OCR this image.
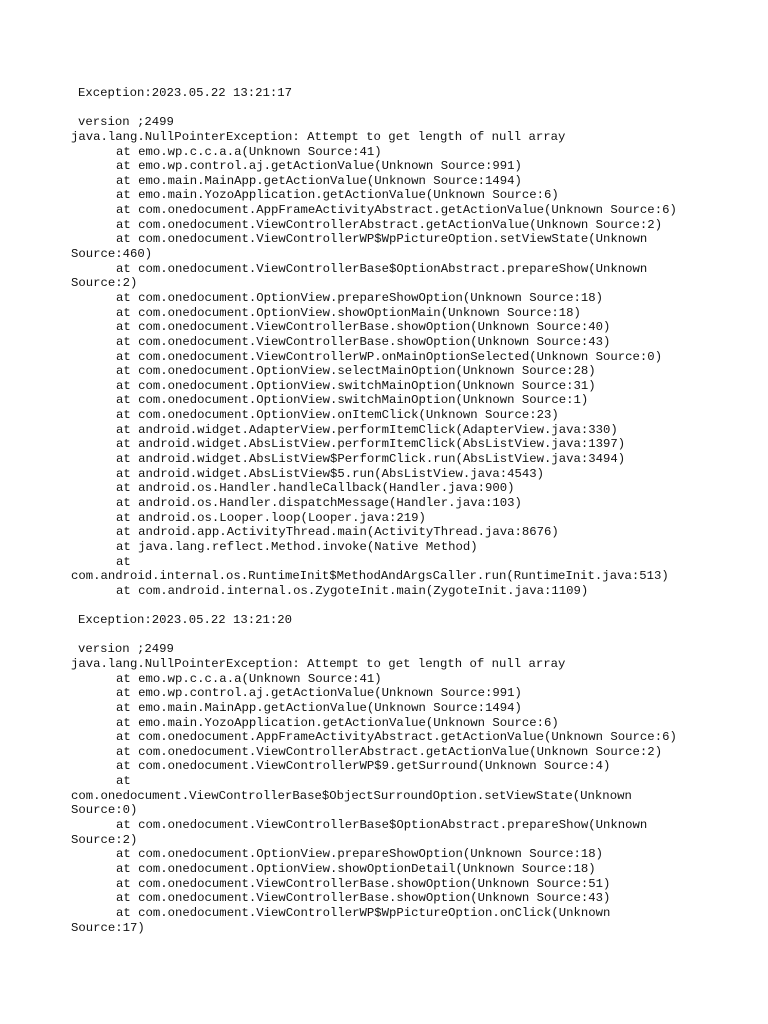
Exception:2023.05.22 13:21:17
version ;2499
java.lang.NullPointerException: Attempt to get length of null array
at emo.wp.c.c.a.a(Unknown Source:41)
at emo.wp.control.aj.getActionValue(Unknown Source:991)
at emo.main.MainApp.getActionValue(Unknown Source:1494)
at emo.main.YozoApplication.getActionValue(Unknown Source:6)
at com.onedocument.AppFrameActivityAbstract.getActionValue(Unknown Source:6)
at com.onedocument.ViewControllerAbstract.getActionValue(Unknown Source:2)
at com.onedocument.ViewControllerWP$WpPictureOption.setViewState(Unknown
Source:460)
at com.onedocument.ViewControllerBase$OptionAbstract.prepareShow(Unknown
Source:2)
at com.onedocument.OptionView.prepareShowOption(Unknown Source:18)
at com.onedocument.OptionView.showOptionMain(Unknown Source:18)
at com.onedocument.ViewControllerBase.showOption(Unknown Source:40)
at com.onedocument.ViewControllerBase.showOption(Unknown Source:43)
at com.onedocument.ViewControllerWP.onMainOptionSelected(Unknown Source:0)
at com.onedocument.OptionView.selectMainOption(Unknown Source:28)
at com.onedocument.OptionView.switchMainOption(Unknown Source:31)
at com.onedocument.OptionView.switchMainOption(Unknown Source:1)
at com.onedocument.OptionView.onItemClick(Unknown Source:23)
at android.widget.AdapterView.performItemClick(AdapterView.java:330)
at android.widget.AbsListView.performItemClick(AbsListView.java:1397)
at android.widget.AbsListView$PerformClick.run(AbsListView.java:3494)
at android.widget.AbsListView$5.run(AbsListView.java:4543)
at android.os.Handler.handleCallback(Handler.java:900)
at android.os.Handler.dispatchMessage(Handler.java:103)
at android.os.Looper.loop(Looper.java:219)
at android.app.ActivityThread.main(ActivityThread.java:8676)
at java.lang.reflect.Method.invoke(Native Method)
at
com.android.internal.os.RuntimeInit$MethodAndArgsCaller.run(RuntimeInit.java:513)
at com.android.internal.os.ZygoteInit.main(ZygoteInit.java:1109)
Exception:2023.05.22 13:21:20
version ;2499
java.lang.NullPointerException: Attempt to get length of null array
at emo.wp.c.c.a.a(Unknown Source:41)
at emo.wp.control.aj.getActionValue(Unknown Source:991)
at emo.main.MainApp.getActionValue(Unknown Source:1494)
at emo.main.YozoApplication.getActionValue(Unknown Source:6)
at com.onedocument.AppFrameActivityAbstract.getActionValue(Unknown Source:6)
at com.onedocument.ViewControllerAbstract.getActionValue(Unknown Source:2)
at com.onedocument.ViewControllerWP$9.getSurround(Unknown Source:4)
at
com.onedocument.ViewControllerBase$ObjectSurroundOption.setViewState(Unknown
Source:0)
at com.onedocument.ViewControllerBase$OptionAbstract.prepareShow(Unknown
Source:2)
at com.onedocument.OptionView.prepareShowOption(Unknown Source:18)
at com.onedocument.OptionView.showOptionDetail(Unknown Source:18)
at com.onedocument.ViewControllerBase.showOption(Unknown Source:51)
at com.onedocument.ViewControllerBase.showOption(Unknown Source:43)
at com.onedocument.ViewControllerWP$WpPictureOption.onClick(Unknown
Source:17)
